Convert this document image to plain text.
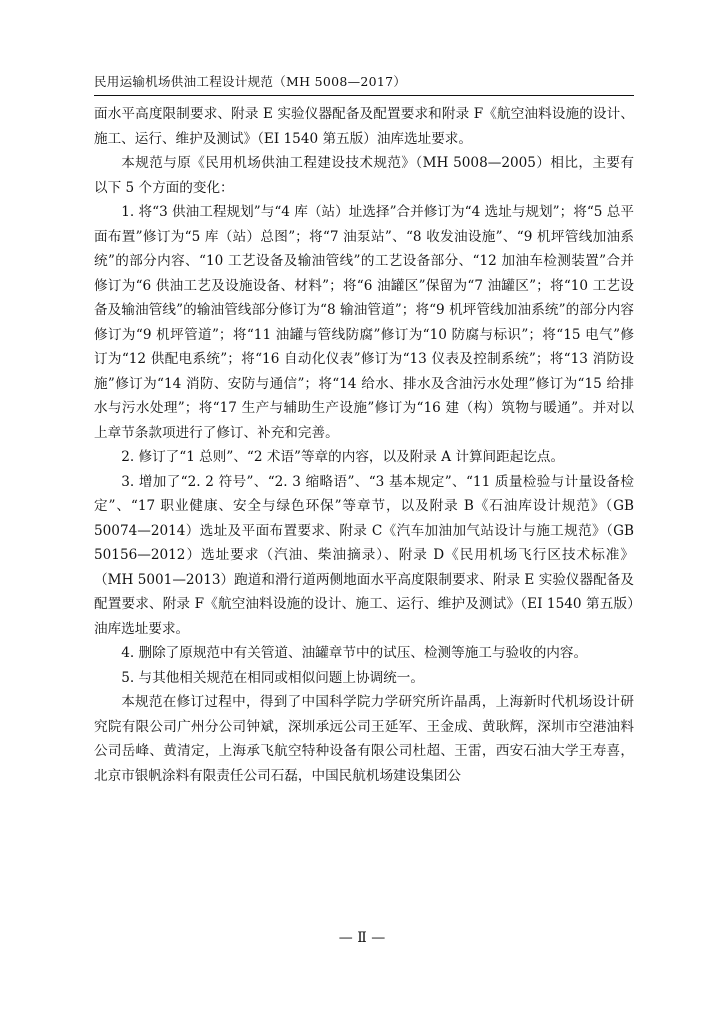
民用运输机场供油工程设计规范（MH 5008—2017）

面水平高度限制要求、附录 E 实验仪器配备及配置要求和附录 F《航空油料设施的设计、施工、运行、维护及测试》（EI 1540 第五版）油库选址要求。

本规范与原《民用机场供油工程建设技术规范》（MH 5008—2005）相比，主要有以下 5 个方面的变化：

1. 将“3 供油工程规划”与“4 库（站）址选择”合并修订为“4 选址与规划”；将“5 总平面布置”修订为“5 库（站）总图”；将“7 油泵站”、“8 收发油设施”、“9 机坪管线加油系统”的部分内容、“10 工艺设备及输油管线”的工艺设备部分、“12 加油车检测装置”合并修订为“6 供油工艺及设施设备、材料”；将“6 油罐区”保留为“7 油罐区”；将“10 工艺设备及输油管线”的输油管线部分修订为“8 输油管道”；将“9 机坪管线加油系统”的部分内容修订为“9 机坪管道”；将“11 油罐与管线防腐”修订为“10 防腐与标识”；将“15 电气”修订为“12 供配电系统”；将“16 自动化仪表”修订为“13 仪表及控制系统”；将“13 消防设施”修订为“14 消防、安防与通信”；将“14 给水、排水及含油污水处理”修订为“15 给排水与污水处理”；将“17 生产与辅助生产设施”修订为“16 建（构）筑物与暖通”。并对以上章节条款项进行了修订、补充和完善。

2. 修订了“1 总则”、“2 术语”等章的内容，以及附录 A 计算间距起讫点。

3. 增加了“2. 2 符号”、“2. 3 缩略语”、“3 基本规定”、“11 质量检验与计量设备检定”、“17 职业健康、安全与绿色环保”等章节，以及附录 B《石油库设计规范》（GB 50074—2014）选址及平面布置要求、附录 C《汽车加油加气站设计与施工规范》（GB 50156—2012）选址要求（汽油、柴油摘录）、附录 D《民用机场飞行区技术标准》（MH 5001—2013）跑道和滑行道两侧地面水平高度限制要求、附录 E 实验仪器配备及配置要求、附录 F《航空油料设施的设计、施工、运行、维护及测试》（EI 1540 第五版）油库选址要求。

4. 删除了原规范中有关管道、油罐章节中的试压、检测等施工与验收的内容。

5. 与其他相关规范在相同或相似问题上协调统一。

本规范在修订过程中，得到了中国科学院力学研究所许晶禹，上海新时代机场设计研究院有限公司广州分公司钟斌，深圳承远公司王延军、王金成、黄耿辉，深圳市空港油料公司岳峰、黄清定，上海承飞航空特种设备有限公司杜超、王雷，西安石油大学王寿喜，北京市银帆涂料有限责任公司石磊，中国民航机场建设集团公

— Ⅱ —
